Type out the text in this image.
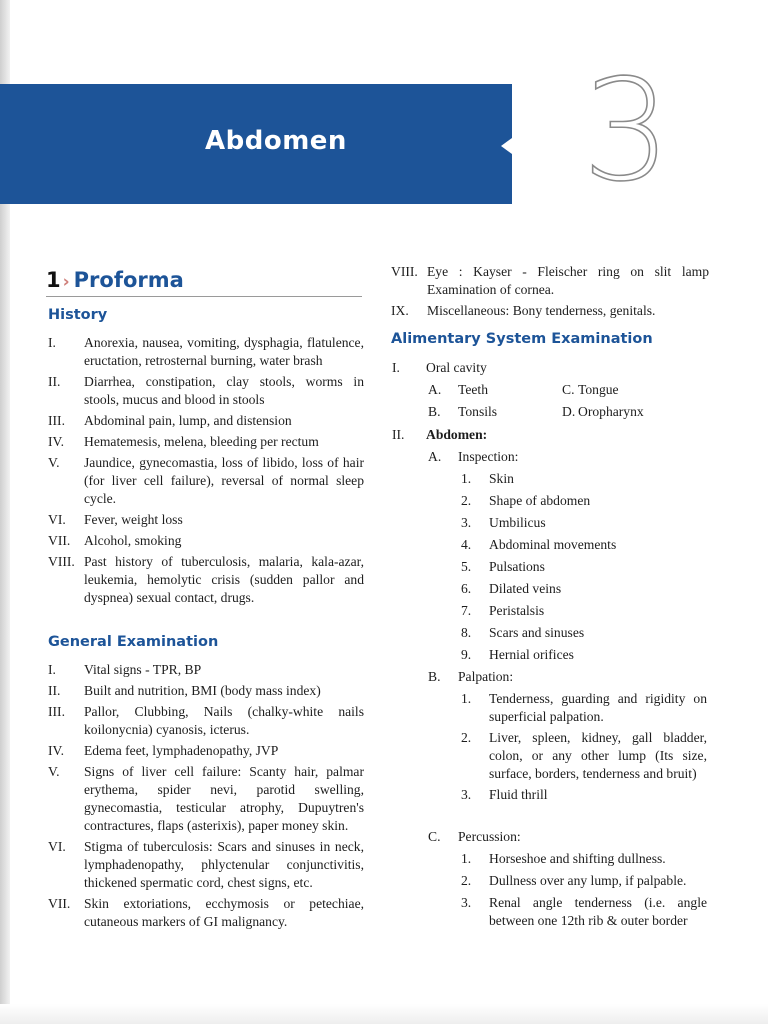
Abdomen 3
1 › Proforma
History
I. Anorexia, nausea, vomiting, dysphagia, flatulence, eructation, retrosternal burning, water brash
II. Diarrhea, constipation, clay stools, worms in stools, mucus and blood in stools
III. Abdominal pain, lump, and distension
IV. Hematemesis, melena, bleeding per rectum
V. Jaundice, gynecomastia, loss of libido, loss of hair (for liver cell failure), reversal of normal sleep cycle.
VI. Fever, weight loss
VII. Alcohol, smoking
VIII. Past history of tuberculosis, malaria, kala-azar, leukemia, hemolytic crisis (sudden pallor and dyspnea) sexual contact, drugs.
General Examination
I. Vital signs - TPR, BP
II. Built and nutrition, BMI (body mass index)
III. Pallor, Clubbing, Nails (chalky-white nails koilonycnia) cyanosis, icterus.
IV. Edema feet, lymphadenopathy, JVP
V. Signs of liver cell failure: Scanty hair, palmar erythema, spider nevi, parotid swelling, gynecomastia, testicular atrophy, Dupuytren's contractures, flaps (asterixis), paper money skin.
VI. Stigma of tuberculosis: Scars and sinuses in neck, lymphadenopathy, phlyctenular conjunctivitis, thickened spermatic cord, chest signs, etc.
VII. Skin extoriations, ecchymosis or petechiae, cutaneous markers of GI malignancy.
VIII. Eye : Kayser - Fleischer ring on slit lamp Examination of cornea.
IX. Miscellaneous: Bony tenderness, genitals.
Alimentary System Examination
I. Oral cavity
A. Teeth	C. Tongue
B. Tonsils	D. Oropharynx
II. Abdomen:
A. Inspection:
1. Skin
2. Shape of abdomen
3. Umbilicus
4. Abdominal movements
5. Pulsations
6. Dilated veins
7. Peristalsis
8. Scars and sinuses
9. Hernial orifices
B. Palpation:
1. Tenderness, guarding and rigidity on superficial palpation.
2. Liver, spleen, kidney, gall bladder, colon, or any other lump (Its size, surface, borders, tenderness and bruit)
3. Fluid thrill
C. Percussion:
1. Horseshoe and shifting dullness.
2. Dullness over any lump, if palpable.
3. Renal angle tenderness (i.e. angle between one 12th rib & outer border
